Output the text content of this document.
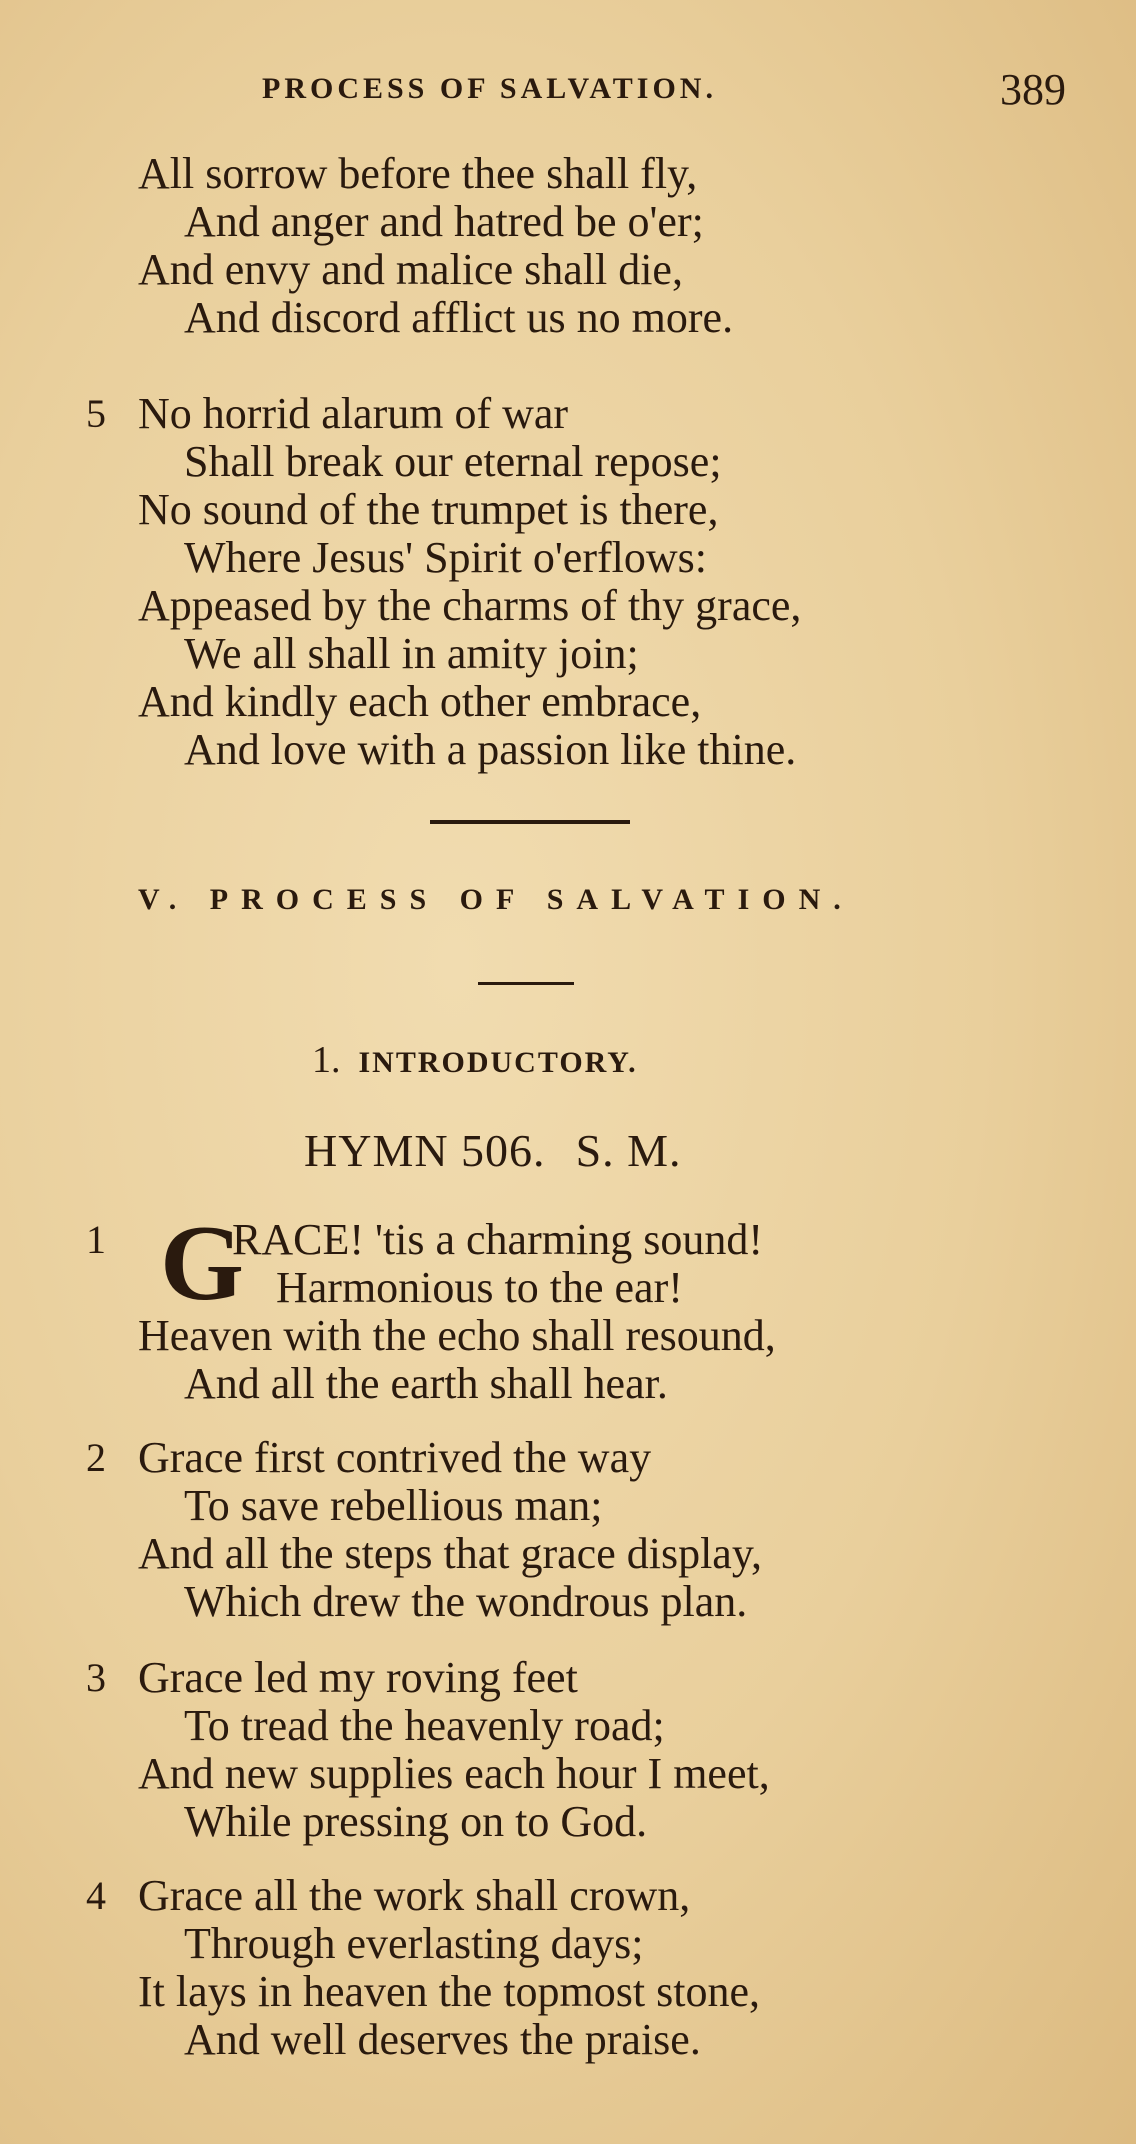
PROCESS OF SALVATION.	389
All sorrow before thee shall fly,
And anger and hatred be o'er;
And envy and malice shall die,
And discord afflict us no more.
5 No horrid alarum of war
Shall break our eternal repose;
No sound of the trumpet is there,
Where Jesus' Spirit o'erflows:
Appeased by the charms of thy grace,
We all shall in amity join;
And kindly each other embrace,
And love with a passion like thine.
V. PROCESS OF SALVATION.
1. INTRODUCTORY.
HYMN 506. S. M.
1 G
RACE! 'tis a charming sound!
Harmonious to the ear!
Heaven with the echo shall resound,
And all the earth shall hear.
2 Grace first contrived the way
To save rebellious man;
And all the steps that grace display,
Which drew the wondrous plan.
3 Grace led my roving feet
To tread the heavenly road;
And new supplies each hour I meet,
While pressing on to God.
4 Grace all the work shall crown,
Through everlasting days;
It lays in heaven the topmost stone,
And well deserves the praise.
